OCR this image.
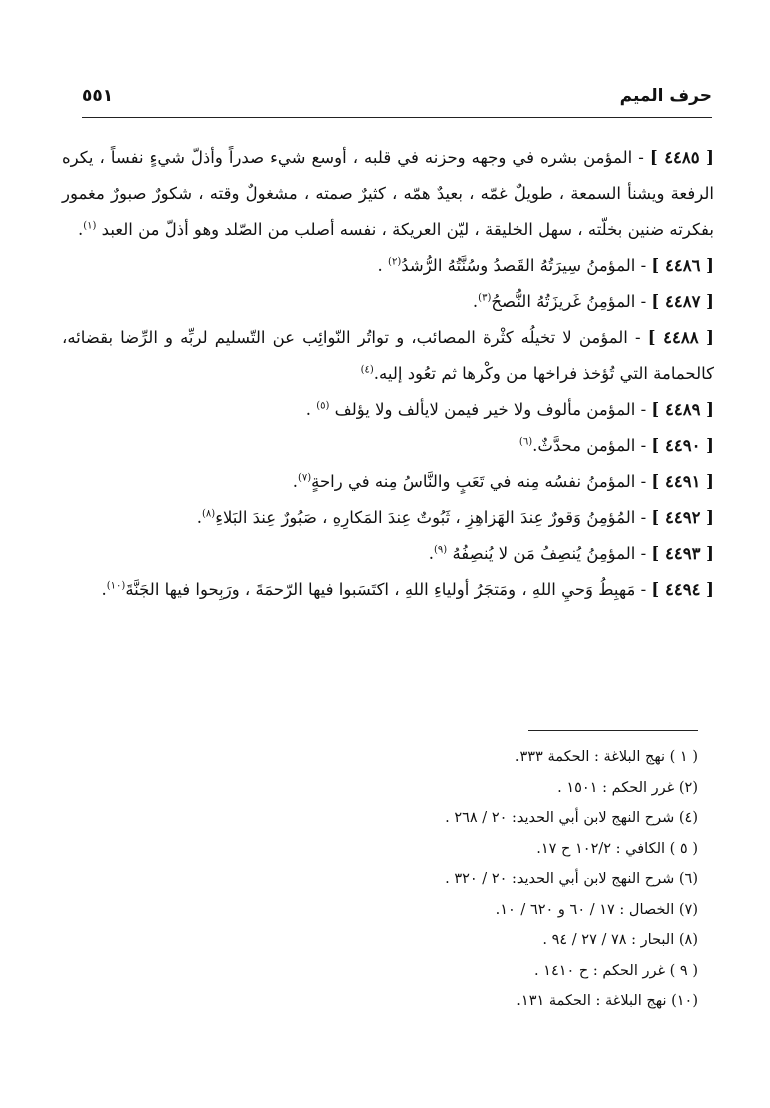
حرف الميم
٥٥١

[ ٤٤٨٥ ] - المؤمن بشره في وجهه وحزنه في قلبه ، أوسع شيء صدراً وأذلّ شيءٍ نفساً ، يكره الرفعة ويشنأ السمعة ، طويلٌ غمّه ، بعيدٌ همّه ، كثيرٌ صمته ، مشغولٌ وقته ، شكورٌ صبورٌ مغمور بفكرته ضنين بخلّته ، سهل الخليقة ، ليّن العريكة ، نفسه أصلب من الصّلد وهو أذلّ من العبد $^{(١)}$.

[ ٤٤٨٦ ] - المؤمنُ سِيرَتُهُ القَصدُ وسُنَّتُهُ الرُّشدُ$^{(٢)}$ .

[ ٤٤٨٧ ] - المؤمِنُ غَريزَتُهُ النُّصحُ$^{(٣)}$.

[ ٤٤٨٨ ] - المؤمن لا تخيلُه كثْرة المصائب، و تواتُر النّوائِب عن التّسليم لربِّه و الرِّضا بقضائه، كالحمامة التي تُؤخذ فراخها من وكْرها ثم تعُود إليه.$^{(٤)}$

[ ٤٤٨٩ ] - المؤمن مألوف ولا خير فيمن لايألف ولا يؤلف $^{(٥)}$ .

[ ٤٤٩٠ ] - المؤمن محدَّثٌ.$^{(٦)}$

[ ٤٤٩١ ] - المؤمنُ نفسُه مِنه في تَعَبٍ والنَّاسُ مِنه في راحةٍ$^{(٧)}$.

[ ٤٤٩٢ ] - المُؤمِنُ وَقورٌ عِندَ الهَزاهِزِ ، ثَبُوتٌ عِندَ المَكارِهِ ، صَبُورٌ عِندَ البَلاءِ$^{(٨)}$.

[ ٤٤٩٣ ] - المؤمِنُ يُنصِفُ مَن لا يُنصِفُهُ $^{(٩)}$.

[ ٤٤٩٤ ] - مَهبِطُ وَحيِ اللهِ ، ومَتجَرُ أولياءِ اللهِ ، اكتَسَبوا فيها الرّحمَةَ ، ورَبِحوا فيها الجَنَّةَ$^{(١٠)}$.

( ١ ) نهج البلاغة : الحكمة ٣٣٣.

(٢) غرر الحكم : ١٥٠١ .

(٤) شرح النهج لابن أبي الحديد: ٢٠ / ٢٦٨ .

( ٥ ) الكافي : ١٠٢/٢ ح ١٧.

(٦) شرح النهج لابن أبي الحديد: ٢٠ / ٣٢٠ .

(٧) الخصال : ١٧ / ٦٠ و ٦٢٠ / ١٠.

(٨) البحار : ٧٨ / ٢٧ / ٩٤ .

( ٩ ) غرر الحكم : ح ١٤١٠ .

(١٠) نهج البلاغة : الحكمة ١٣١.
